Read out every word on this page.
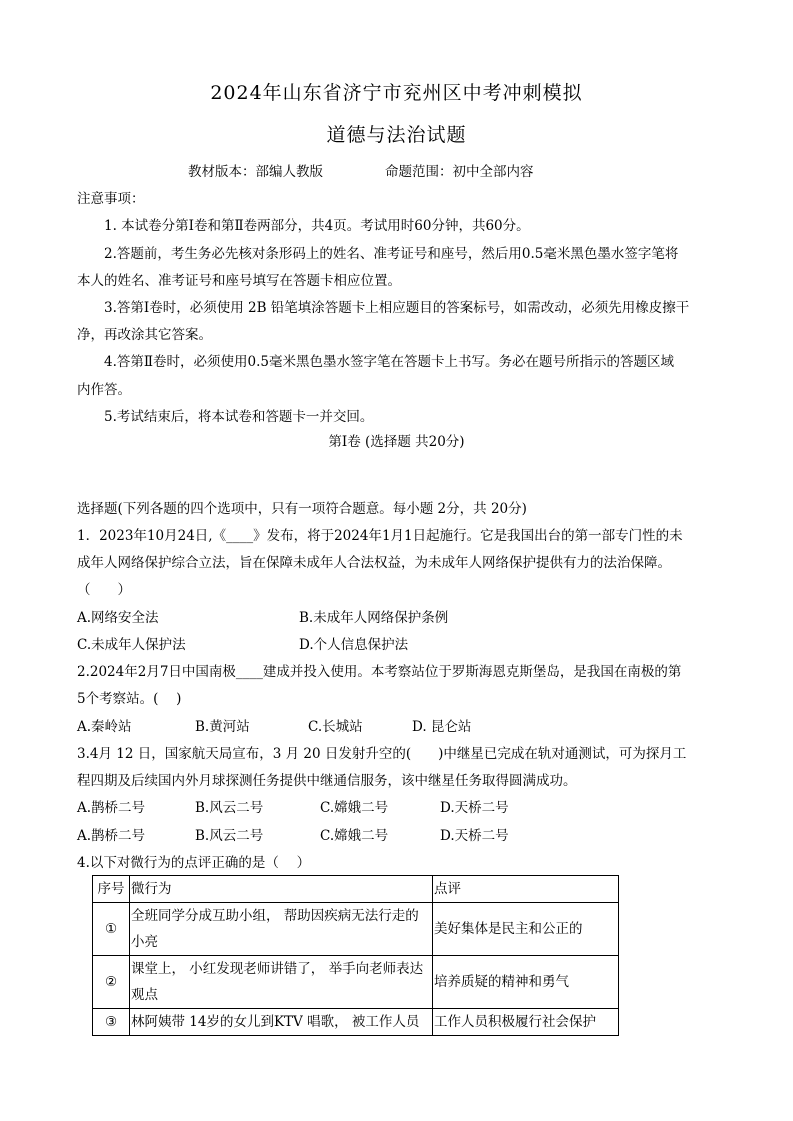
2024年山东省济宁市兖州区中考冲刺模拟
道德与法治试题
教材版本：部编人教版	命题范围：初中全部内容
注意事项：
1. 本试卷分第Ⅰ卷和第Ⅱ卷两部分，共4页。考试用时60分钟，共60分。
2.答题前，考生务必先核对条形码上的姓名、准考证号和座号，然后用0.5毫米黑色墨水签字笔将
本人的姓名、准考证号和座号填写在答题卡相应位置。
3.答第Ⅰ卷时，必须使用 2B 铅笔填涂答题卡上相应题目的答案标号，如需改动，必须先用橡皮擦干
净，再改涂其它答案。
4.答第Ⅱ卷时，必须使用0.5毫米黑色墨水签字笔在答题卡上书写。务必在题号所指示的答题区域
内作答。
5.考试结束后，将本试卷和答题卡一并交回。
第Ⅰ卷 (选择题 共20分)
选择题(下列各题的四个选项中，只有一项符合题意。每小题 2分，共 20分)
1．2023年10月24日,《____》发布，将于2024年1月1日起施行。它是我国出台的第一部专门性的未
成年人网络保护综合立法，旨在保障未成年人合法权益，为未成年人网络保护提供有力的法治保障。
（　　）
A.网络安全法	B.未成年人网络保护条例
C.未成年人保护法	D.个人信息保护法
2.2024年2月7日中国南极____建成并投入使用。本考察站位于罗斯海恩克斯堡岛，是我国在南极的第
5个考察站。(　 )
A.秦岭站	B.黄河站	C.长城站	D. 昆仑站
3.4月 12 日，国家航天局宣布，3 月 20 日发射升空的(　　)中继星已完成在轨对通测试，可为探月工
程四期及后续国内外月球探测任务提供中继通信服务，该中继星任务取得圆满成功。
A.鹊桥二号	B.风云二号	C.嫦娥二号	D.天桥二号
A.鹊桥二号	B.风云二号	C.嫦娥二号	D.天桥二号
4.以下对微行为的点评正确的是（　 ）
序号	微行为	点评
①	全班同学分成互助小组， 帮助因疾病无法行走的小亮	美好集体是民主和公正的
②	课堂上， 小红发现老师讲错了， 举手向老师表达观点	培养质疑的精神和勇气
③	林阿姨带 14岁的女儿到KTV 唱歌， 被工作人员	工作人员积极履行社会保护
